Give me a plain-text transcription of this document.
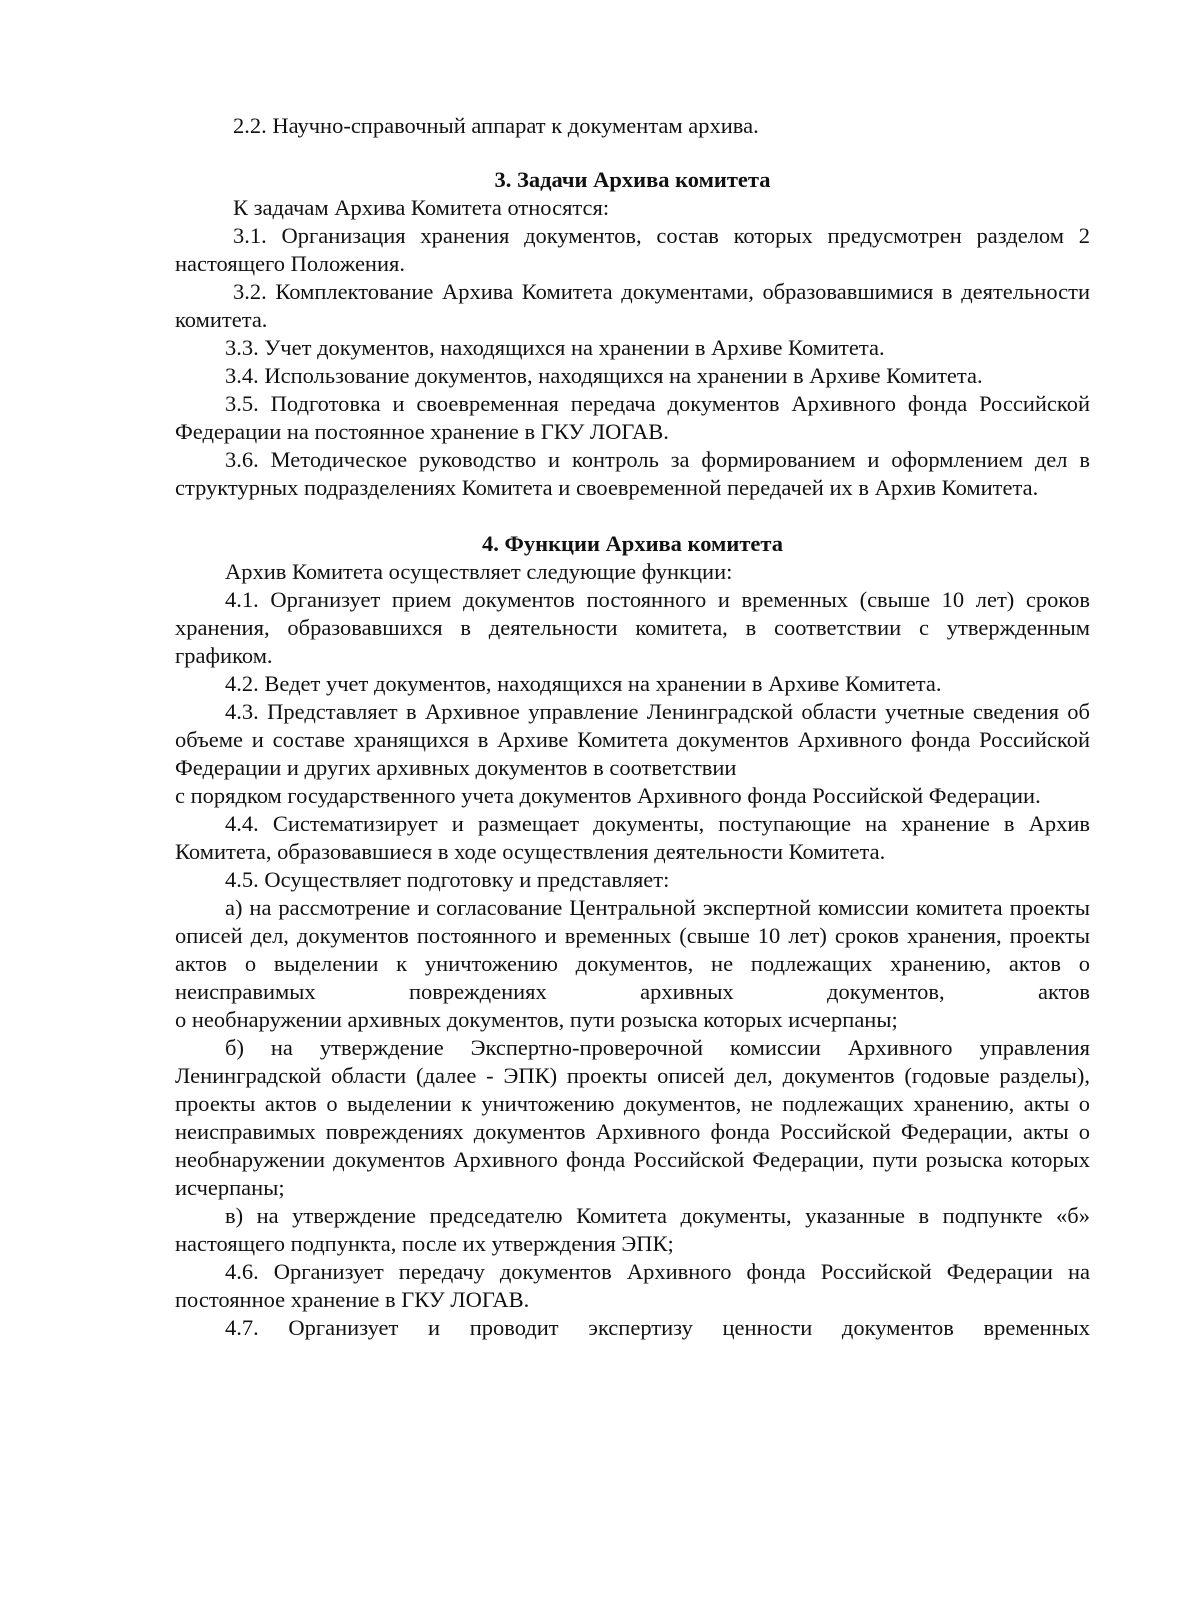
2.2. Научно-справочный аппарат к документам архива.

3. Задачи Архива комитета

К задачам Архива Комитета относятся:

3.1. Организация хранения документов, состав которых предусмотрен разделом 2 настоящего Положения.

3.2. Комплектование Архива Комитета документами, образовавшимися в деятельности комитета.

3.3. Учет документов, находящихся на хранении в Архиве Комитета.

3.4. Использование документов, находящихся на хранении в Архиве Комитета.

3.5. Подготовка и своевременная передача документов Архивного фонда Российской Федерации на постоянное хранение в ГКУ ЛОГАВ.

3.6. Методическое руководство и контроль за формированием и оформлением дел в структурных подразделениях Комитета и своевременной передачей их в Архив Комитета.

4. Функции Архива комитета

Архив Комитета осуществляет следующие функции:

4.1. Организует прием документов постоянного и временных (свыше 10 лет) сроков хранения, образовавшихся в деятельности комитета, в соответствии с утвержденным графиком.

4.2. Ведет учет документов, находящихся на хранении в Архиве Комитета.

4.3. Представляет в Архивное управление Ленинградской области учетные сведения об объеме и составе хранящихся в Архиве Комитета документов Архивного фонда Российской Федерации и других архивных документов в соответствии

с порядком государственного учета документов Архивного фонда Российской Федерации.

4.4. Систематизирует и размещает документы, поступающие на хранение в Архив Комитета, образовавшиеся в ходе осуществления деятельности Комитета.

4.5. Осуществляет подготовку и представляет:

а) на рассмотрение и согласование Центральной экспертной комиссии комитета проекты описей дел, документов постоянного и временных (свыше 10 лет) сроков хранения, проекты актов о выделении к уничтожению документов, не подлежащих хранению, актов о неисправимых повреждениях архивных документов, актов

о необнаружении архивных документов, пути розыска которых исчерпаны;

б) на утверждение Экспертно-проверочной комиссии Архивного управления Ленинградской области (далее - ЭПК) проекты описей дел, документов (годовые разделы), проекты актов о выделении к уничтожению документов, не подлежащих хранению, акты о неисправимых повреждениях документов Архивного фонда Российской Федерации, акты о необнаружении документов Архивного фонда Российской Федерации, пути розыска которых исчерпаны;

в) на утверждение председателю Комитета документы, указанные в подпункте «б» настоящего подпункта, после их утверждения ЭПК;

4.6. Организует передачу документов Архивного фонда Российской Федерации на постоянное хранение в ГКУ ЛОГАВ.

4.7. Организует и проводит экспертизу ценности документов временных
